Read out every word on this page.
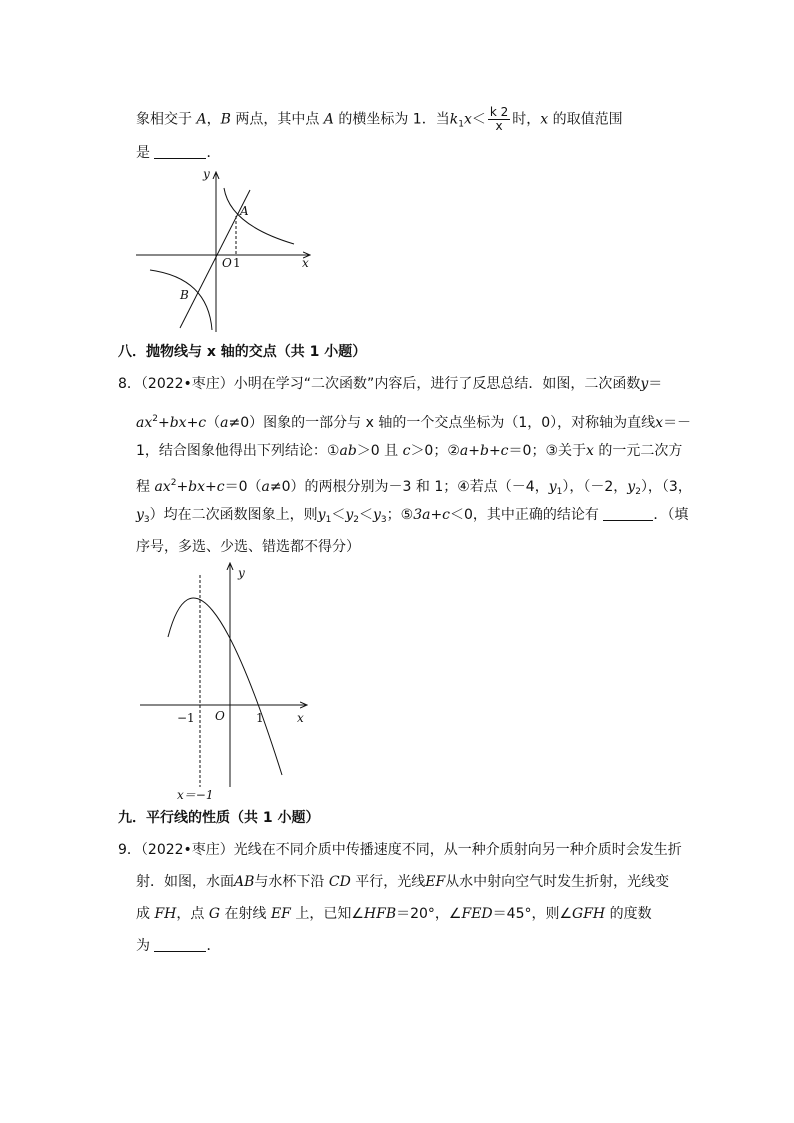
象相交于 A，B 两点，其中点 A 的横坐标为 1．当$k_1x< \frac{k 2}{x}$ 时，x 的取值范围
是	．
y
A
B
O 1	x
八．抛物线与 x 轴的交点（共 1 小题）
8．（2022•枣庄）小明在学习“二次函数”内容后，进行了反思总结．如图，二次函数y＝
$ax^2+bx+c(a\ne 0)$图象的一部分与 x 轴的一个交点坐标为（1，0），对称轴为直线x＝－
1，结合图象他得出下列结论：①ab＞0 且 c＞0；②a+b+c＝0；③关于x 的一元二次方
程 $ax^2+bx+c=0(a\ne 0)$的两根分别为－3 和 1；④若点（－4，$y_1$），（－2，$y_2$），（3，
$y_3$）均在二次函数图象上，则$y_1<y_2<y_3$；⑤3a+c＜0，其中正确的结论有	．（填
序号，多选、少选、错选都不得分）
y
−1 O	1	x
x＝−1
九．平行线的性质（共 1 小题）
9．（2022•枣庄）光线在不同介质中传播速度不同，从一种介质射向另一种介质时会发生折
射．如图，水面AB与水杯下沿 CD 平行，光线EF从水中射向空气时发生折射，光线变
成 FH，点 G 在射线 EF 上，已知∠HFB＝20°，∠FED＝45°，则∠GFH 的度数
为	．
